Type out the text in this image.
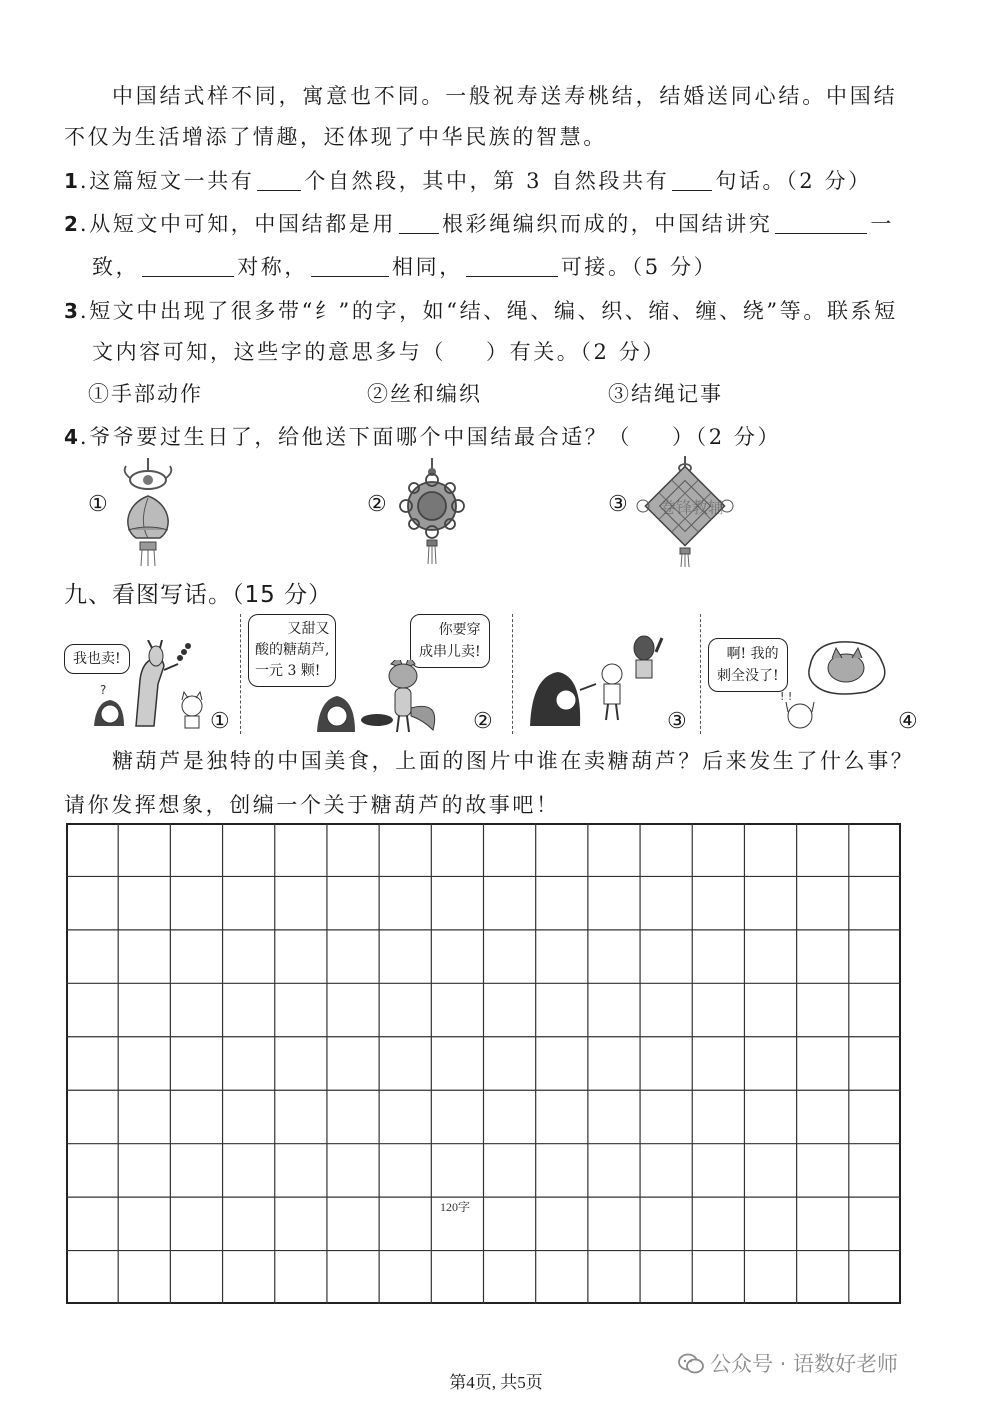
中国结式样不同，寓意也不同。一般祝寿送寿桃结，结婚送同心结。中国结
不仅为生活增添了情趣，还体现了中华民族的智慧。
1.这篇短文一共有 个自然段，其中，第 3 自然段共有 句话。（2 分）
2.从短文中可知，中国结都是用 根彩绳编织而成的，中国结讲究	一
致，	对称，	相同，	可接。（5 分）
3.短文中出现了很多带“纟”的字，如“结、绳、编、织、缩、缠、绕”等。联系短
文内容可知，这些字的意思多与（ ）有关。（2 分）
①手部动作	②丝和编织	③结绳记事
4.爷爷要过生日了，给他送下面哪个中国结最合适？（ ）（2 分）
①	②	③ 卷锋教辅
九、看图写话。（15 分）
我也卖!
?
①
又甜又
酸的糖葫芦,
一元 3 颗!
你要穿
成串儿卖!
②	③
啊! 我的
刺全没了!
! !
④
糖葫芦是独特的中国美食，上面的图片中谁在卖糖葫芦？后来发生了什么事？
请你发挥想象，创编一个关于糖葫芦的故事吧！
120字
第4页, 共5页
公众号 · 语数好老师
